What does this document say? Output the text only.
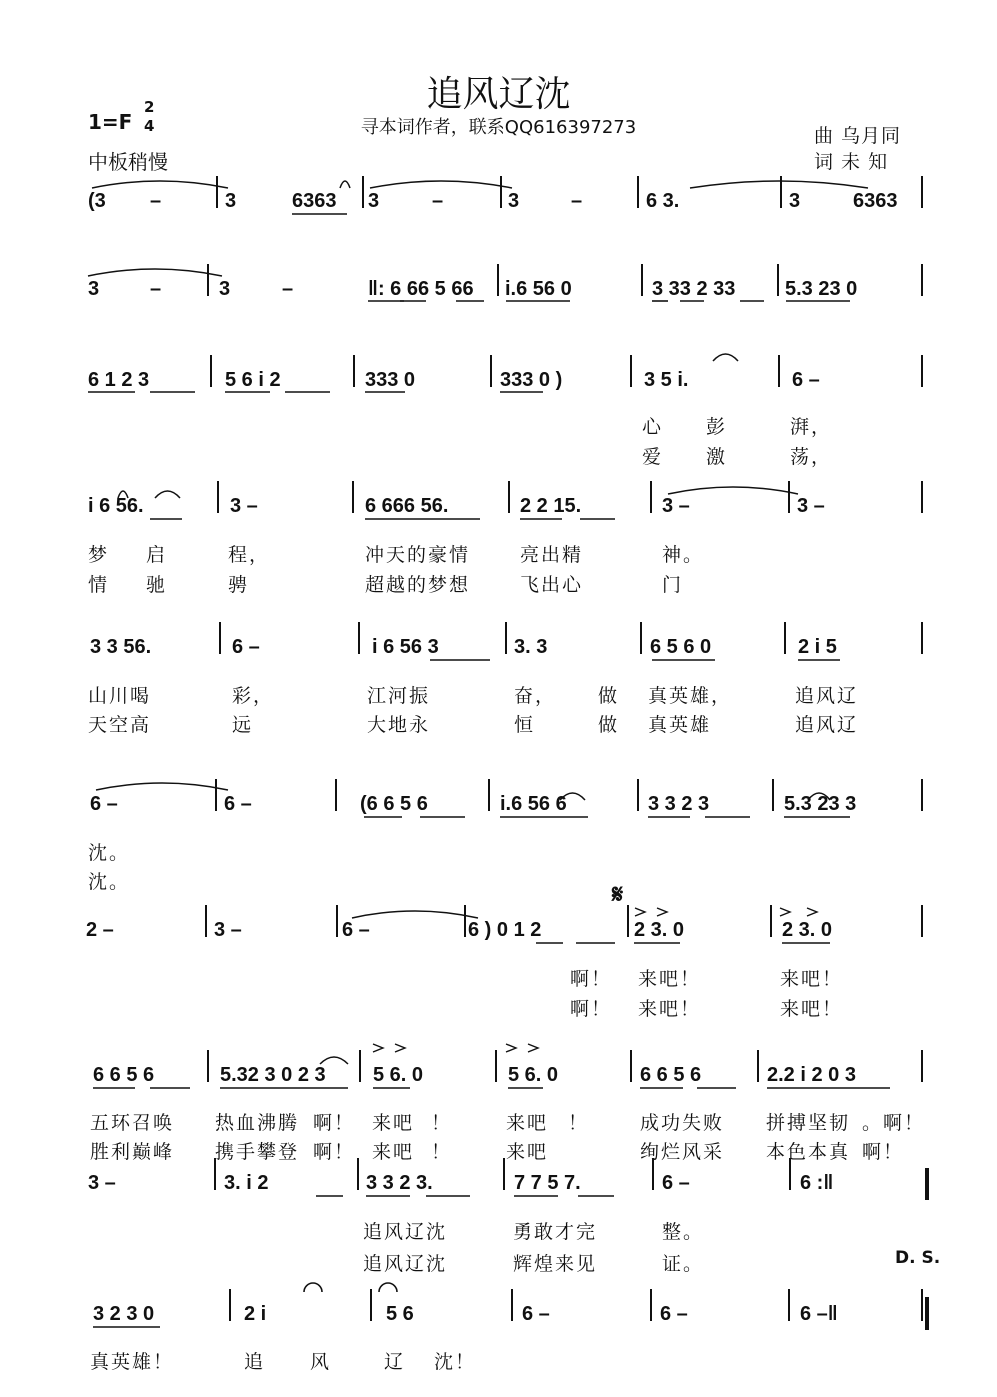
追风辽沈
寻本词作者，联系QQ616397273
1=F
2
4
中板稍慢
曲 乌月同
词 未 知
𝄋
D. S.
(3 –	3	6363 3	–	3	–	6 3.	3	6363
3	–	3	–	‖: 6 66 5 66 i.6 56 0	3 33 2 33 5.3 23 0
6 1 2 3	5 6 i 2	333 0	333 0 )	3 5 i.	6 –
i 6 56.	3 –	6 666 56.	2 2 15.	3 –	3 –
3 3 56.	6 –	i 6 56 3	3. 3	6 5 6 0	2 i 5
6 –	6 –	(6 6 5 6	i.6 56 6	3 3 2 3	5.3 23 3
2 –	3 –	6 –	6 ) 0 1 2	2 3. 0	2 3. 0
6 6 5 6	5.32 3 0 2 3 5 6. 0	5 6. 0	6 6 5 6	2.2 i 2 0 3
3 –	3. i 2	3 3 2 3.	7 7 5 7.	6 –	6 :‖
3 2 3 0	2 i	5 6	6 –	6 –	6 –‖
心 彭	湃，
爱 激	荡，
梦 启	程，	冲天的豪情	亮出精	神。
情 驰	骋	超越的梦想	飞出心	门
山川喝	彩，	江河振	奋， 做 真英雄，	追风辽
天空高	远	大地永	恒	做 真英雄	追风辽
沈。
沈。
啊！ 来吧！	来吧！
啊！ 来吧！	来吧！
五环召唤 热血沸腾 啊！ 来吧 ！	来吧 ！	成功失败 拼搏坚韧 。啊！
胜利巅峰 携手攀登 啊！ 来吧 ！	来吧	绚烂风采 本色本真 啊！
追风辽沈	勇敢才完	整。
追风辽沈	辉煌来见	证。
真英雄！	追 风	辽 沈！
